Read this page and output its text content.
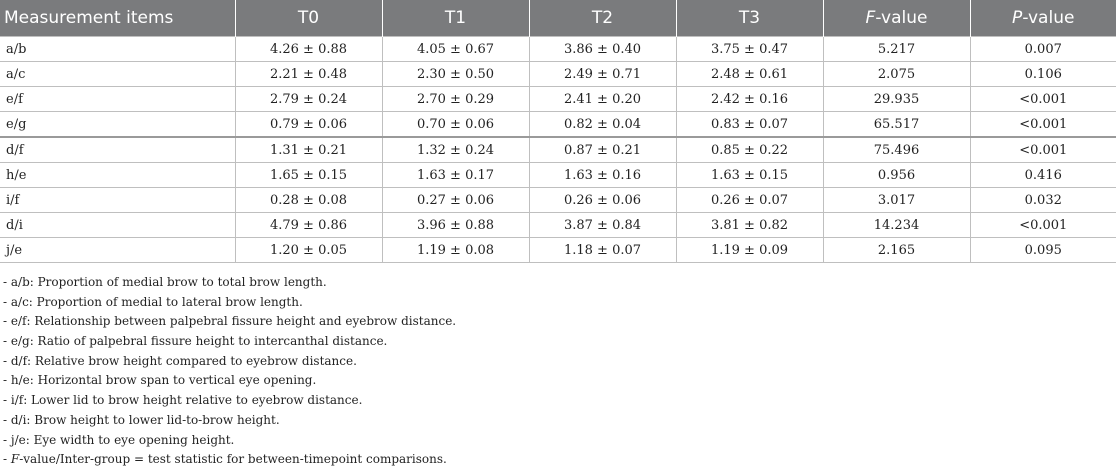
Measurement items	T0	T1	T2	T3	F-value	P-value
a/b	4.26 ± 0.88	4.05 ± 0.67	3.86 ± 0.40	3.75 ± 0.47	5.217	0.007
a/c	2.21 ± 0.48	2.30 ± 0.50	2.49 ± 0.71	2.48 ± 0.61	2.075	0.106
e/f	2.79 ± 0.24	2.70 ± 0.29	2.41 ± 0.20	2.42 ± 0.16	29.935	<0.001
e/g	0.79 ± 0.06	0.70 ± 0.06	0.82 ± 0.04	0.83 ± 0.07	65.517	<0.001
d/f	1.31 ± 0.21	1.32 ± 0.24	0.87 ± 0.21	0.85 ± 0.22	75.496	<0.001
h/e	1.65 ± 0.15	1.63 ± 0.17	1.63 ± 0.16	1.63 ± 0.15	0.956	0.416
i/f	0.28 ± 0.08	0.27 ± 0.06	0.26 ± 0.06	0.26 ± 0.07	3.017	0.032
d/i	4.79 ± 0.86	3.96 ± 0.88	3.87 ± 0.84	3.81 ± 0.82	14.234	<0.001
j/e	1.20 ± 0.05	1.19 ± 0.08	1.18 ± 0.07	1.19 ± 0.09	2.165	0.095
- a/b: Proportion of medial brow to total brow length.
- a/c: Proportion of medial to lateral brow length.
- e/f: Relationship between palpebral fissure height and eyebrow distance.
- e/g: Ratio of palpebral fissure height to intercanthal distance.
- d/f: Relative brow height compared to eyebrow distance.
- h/e: Horizontal brow span to vertical eye opening.
- i/f: Lower lid to brow height relative to eyebrow distance.
- d/i: Brow height to lower lid-to-brow height.
- j/e: Eye width to eye opening height.
- F-value/Inter-group = test statistic for between-timepoint comparisons.
